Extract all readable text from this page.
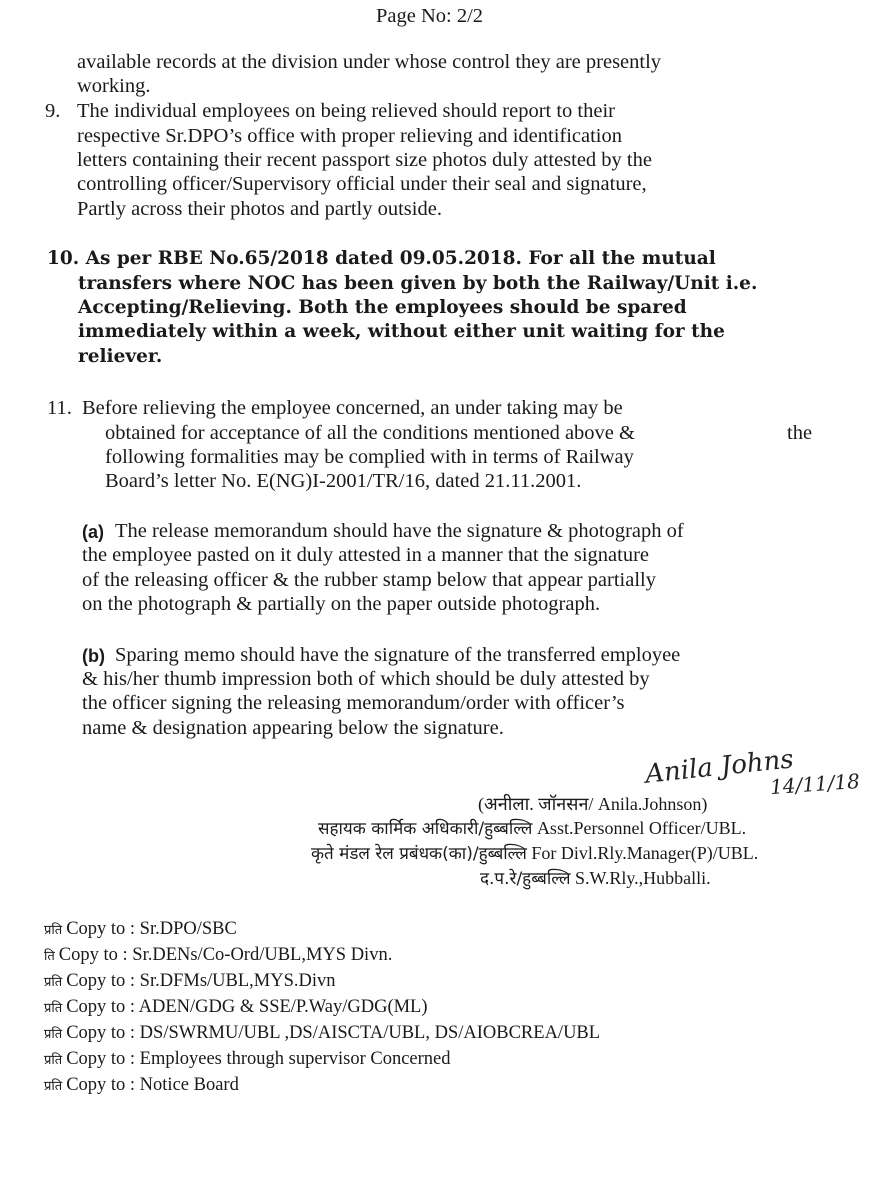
Page No: 2/2
available records at the division under whose control they are presently
working.
9. The individual employees on being relieved should report to their
respective Sr.DPO’s office with proper relieving and identification
letters containing their recent passport size photos duly attested by the
controlling officer/Supervisory official under their seal and signature,
Partly across their photos and partly outside.
10. As per RBE No.65/2018 dated 09.05.2018. For all the mutual
transfers where NOC has been given by both the Railway/Unit i.e.
Accepting/Relieving. Both the employees should be spared
immediately within a week, without either unit waiting for the
reliever.
11. Before relieving the employee concerned, an under taking may be
obtained for acceptance of all the conditions mentioned above &	the
following formalities may be complied with in terms of Railway
Board’s letter No. E(NG)I-2001/TR/16, dated 21.11.2001.
(a) The release memorandum should have the signature & photograph of
the employee pasted on it duly attested in a manner that the signature
of the releasing officer & the rubber stamp below that appear partially
on the photograph & partially on the paper outside photograph.
(b) Sparing memo should have the signature of the transferred employee
& his/her thumb impression both of which should be duly attested by
the officer signing the releasing memorandum/order with officer’s
name & designation appearing below the signature.
Anila Johns
14/11/18
(अनीला. जॉनसन/ Anila.Johnson)
सहायक कार्मिक अधिकारी/हुब्बल्लि Asst.Personnel Officer/UBL.
कृते मंडल रेल प्रबंधक(का)/हुब्बल्लि For Divl.Rly.Manager(P)/UBL.
द.प.रे/हुब्बल्लि S.W.Rly.,Hubballi.
प्रति Copy to : Sr.DPO/SBC
ति Copy to : Sr.DENs/Co-Ord/UBL,MYS Divn.
प्रति Copy to : Sr.DFMs/UBL,MYS.Divn
प्रति Copy to : ADEN/GDG & SSE/P.Way/GDG(ML)
प्रति Copy to : DS/SWRMU/UBL ,DS/AISCTA/UBL, DS/AIOBCREA/UBL
प्रति Copy to : Employees through supervisor Concerned
प्रति Copy to : Notice Board
